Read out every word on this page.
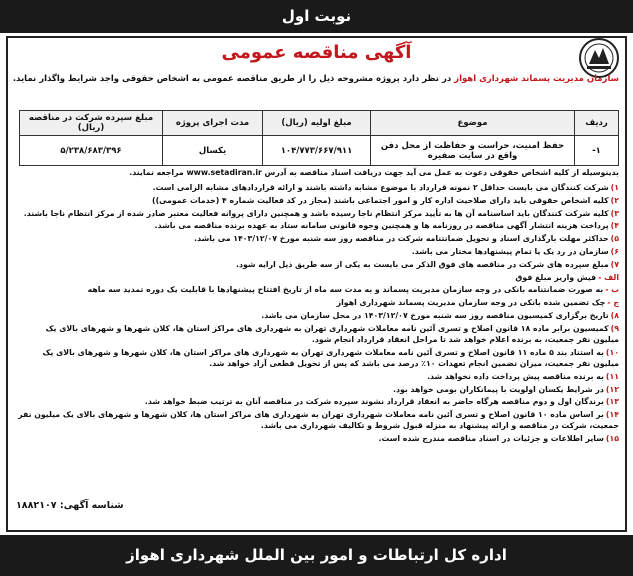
نوبت اول
آگهی مناقصه عمومی
سازمان مدیریت پسماند شهرداری اهواز در نظر دارد پروژه مشروحه ذیل را از طریق مناقصه عمومی به اشخاص حقوقی واجد شرایط واگذار نماید.
ردیف	موضوع	مبلغ اولیه (ریال)	مدت اجرای پروژه	مبلغ سپرده شرکت در مناقصه (ریال)
۱-	حفظ امنیت، حراست و حفاظت از محل دفن واقع در سایت صفیره	۱۰۴/۷۷۳/۶۶۷/۹۱۱	یکسال	۵/۲۳۸/۶۸۳/۳۹۶
بدینوسیله از کلیه اشخاص حقوقی دعوت به عمل می آید جهت دریافت اسناد مناقصه به آدرس www.setadiran.ir مراجعه نمایند.
۱)شرکت کنندگان می بایست حداقل ۲ نمونه قرارداد با موضوع مشابه داشته باشند و ارائه قراردادهای مشابه الزامی است.
۲)کلیه اشخاص حقوقی باید دارای صلاحیت اداره کار و امور اجتماعی باشند (مجاز در کد فعالیت شماره ۴ (خدمات عمومی))
۳)کلیه شرکت کنندگان باید اساسنامه آن ها به تأیید مرکز انتظام ناجا رسیده باشد و همچنین دارای پروانه فعالیت معتبر صادر شده از مرکز انتظام ناجا باشند.
۴)پرداخت هزینه انتشار آگهی مناقصه در روزنامه ها و همچنین وجوه قانونی سامانه ستاد به عهده برنده مناقصه می باشد.
۵)حداکثر مهلت بارگذاری اسناد و تحویل ضمانتنامه شرکت در مناقصه روز سه شنبه مورخ ۱۴۰۳/۱۲/۰۷ می باشد.
۶)سازمان در رد یک یا تمام پیشنهادها مختار می باشد.
۷)مبلغ سپرده های شرکت در مناقصه های فوق الذکر می بایست به یکی از سه طریق ذیل ارایه شود.
الف -فیش واریز مبلغ فوق
ب -به صورت ضمانتنامه بانکی در وجه سازمان مدیریت پسماند و به مدت سه ماه از تاریخ افتتاح پیشنهادها با قابلیت یک دوره تمدید سه ماهه
ج -چک تضمین شده بانکی در وجه سازمان مدیریت پسماند شهرداری اهواز
۸)تاریخ برگزاری کمیسیون مناقصه روز سه شنبه مورخ ۱۴۰۳/۱۲/۰۷ در محل سازمان می باشد.
۹)کمیسیون برابر ماده ۱۸ قانون اصلاح و تسری آئین نامه معاملات شهرداری تهران به شهرداری های مراکز استان ها، کلان شهرها و شهرهای بالای یک میلیون نفر جمعیت، به برنده اعلام خواهد شد تا مراحل انعقاد قرارداد انجام شود.
۱۰)به استناد بند ۵ ماده ۱۱ قانون اصلاح و تسری آئین نامه معاملات شهرداری تهران به شهرداری های مراکز استان ها، کلان شهرها و شهرهای بالای یک میلیون نفر جمعیت، میزان تضمین انجام تعهدات ۱۰٪ درصد می باشد که پس از تحویل قطعی آزاد خواهد شد.
۱۱)به برنده مناقصه پیش پرداخت داده نخواهد شد.
۱۲)در شرایط یکسان اولویت با پیمانکاران بومی خواهد بود.
۱۳)برندگان اول و دوم مناقصه هرگاه حاضر به انعقاد قرارداد نشوند سپرده شرکت در مناقصه آنان به ترتیب ضبط خواهد شد.
۱۴)بر اساس ماده ۱۰ قانون اصلاح و تسری آئین نامه معاملات شهرداری تهران به شهرداری های مراکز استان ها، کلان شهرها و شهرهای بالای یک میلیون نفر جمعیت، شرکت در مناقصه و ارائه پیشنهاد به منزله قبول شروط و تکالیف شهرداری می باشد.
۱۵)سایر اطلاعات و جزئیات در اسناد مناقصه مندرج شده است.
شناسه آگهی: ۱۸۸۲۱۰۷
اداره کل ارتباطات و امور بین الملل شهرداری اهواز
